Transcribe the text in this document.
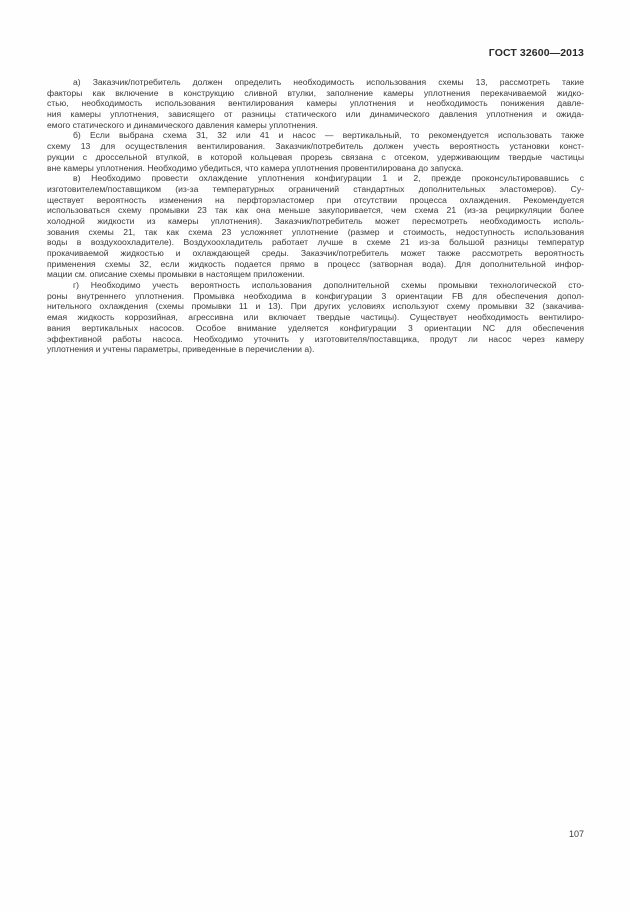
ГОСТ 32600—2013
а) Заказчик/потребитель должен определить необходимость использования схемы 13, рассмотреть такие
факторы как включение в конструкцию сливной втулки, заполнение камеры уплотнения перекачиваемой жидко-
стью, необходимость использования вентилирования камеры уплотнения и необходимость понижения давле-
ния камеры уплотнения, зависящего от разницы статического или динамического давления уплотнения и ожида-
емого статического и динамического давления камеры уплотнения.
б) Если выбрана схема 31, 32 или 41 и насос — вертикальный, то рекомендуется использовать также
схему 13 для осуществления вентилирования. Заказчик/потребитель должен учесть вероятность установки конст-
рукции с дроссельной втулкой, в которой кольцевая прорезь связана с отсеком, удерживающим твердые частицы
вне камеры уплотнения. Необходимо убедиться, что камера уплотнения провентилирована до запуска.
в) Необходимо провести охлаждение уплотнения конфигурации 1 и 2, прежде проконсультировавшись с
изготовителем/поставщиком (из-за температурных ограничений стандартных дополнительных эластомеров). Су-
ществует вероятность изменения на перфторэластомер при отсутствии процесса охлаждения. Рекомендуется
использоваться схему промывки 23 так как она меньше закупоривается, чем схема 21 (из-за рециркуляции более
холодной жидкости из камеры уплотнения). Заказчик/потребитель может пересмотреть необходимость исполь-
зования схемы 21, так как схема 23 усложняет уплотнение (размер и стоимость, недоступность использования
воды в воздухоохладителе). Воздухоохладитель работает лучше в схеме 21 из-за большой разницы температур
прокачиваемой жидкостью и охлаждающей среды. Заказчик/потребитель может также рассмотреть вероятность
применения схемы 32, если жидкость подается прямо в процесс (затворная вода). Для дополнительной инфор-
мации см. описание схемы промывки в настоящем приложении.
г) Необходимо учесть вероятность использования дополнительной схемы промывки технологической сто-
роны внутреннего уплотнения. Промывка необходима в конфигурации 3 ориентации FB для обеспечения допол-
нительного охлаждения (схемы промывки 11 и 13). При других условиях используют схему промывки 32 (закачива-
емая жидкость коррозийная, агрессивна или включает твердые частицы). Существует необходимость вентилиро-
вания вертикальных насосов. Особое внимание уделяется конфигурации 3 ориентации NC для обеспечения
эффективной работы насоса. Необходимо уточнить у изготовителя/поставщика, продут ли насос через камеру
уплотнения и учтены параметры, приведенные в перечислении а).
107
